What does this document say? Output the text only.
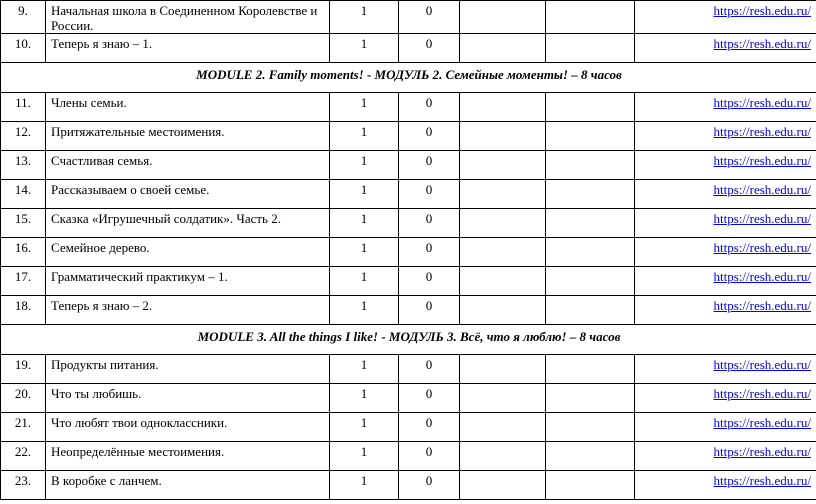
9.	Начальная школа в Соединенном Королевстве и России.	1	0			https://resh.edu.ru/
10.	Теперь я знаю – 1.	1	0			https://resh.edu.ru/
MODULE 2. Family moments! - МОДУЛЬ 2. Семейные моменты! – 8 часов						
11.	Члены семьи.	1	0			https://resh.edu.ru/
12.	Притяжательные местоимения.	1	0			https://resh.edu.ru/
13.	Счастливая семья.	1	0			https://resh.edu.ru/
14.	Рассказываем о своей семье.	1	0			https://resh.edu.ru/
15.	Сказка «Игрушечный солдатик». Часть 2.	1	0			https://resh.edu.ru/
16.	Семейное дерево.	1	0			https://resh.edu.ru/
17.	Грамматический практикум – 1.	1	0			https://resh.edu.ru/
18.	Теперь я знаю – 2.	1	0			https://resh.edu.ru/
MODULE 3. All the things I like! - МОДУЛЬ 3. Всё, что я люблю! – 8 часов						
19.	Продукты питания.	1	0			https://resh.edu.ru/
20.	Что ты любишь.	1	0			https://resh.edu.ru/
21.	Что любят твои одноклассники.	1	0			https://resh.edu.ru/
22.	Неопределённые местоимения.	1	0			https://resh.edu.ru/
23.	В коробке с ланчем.	1	0			https://resh.edu.ru/
